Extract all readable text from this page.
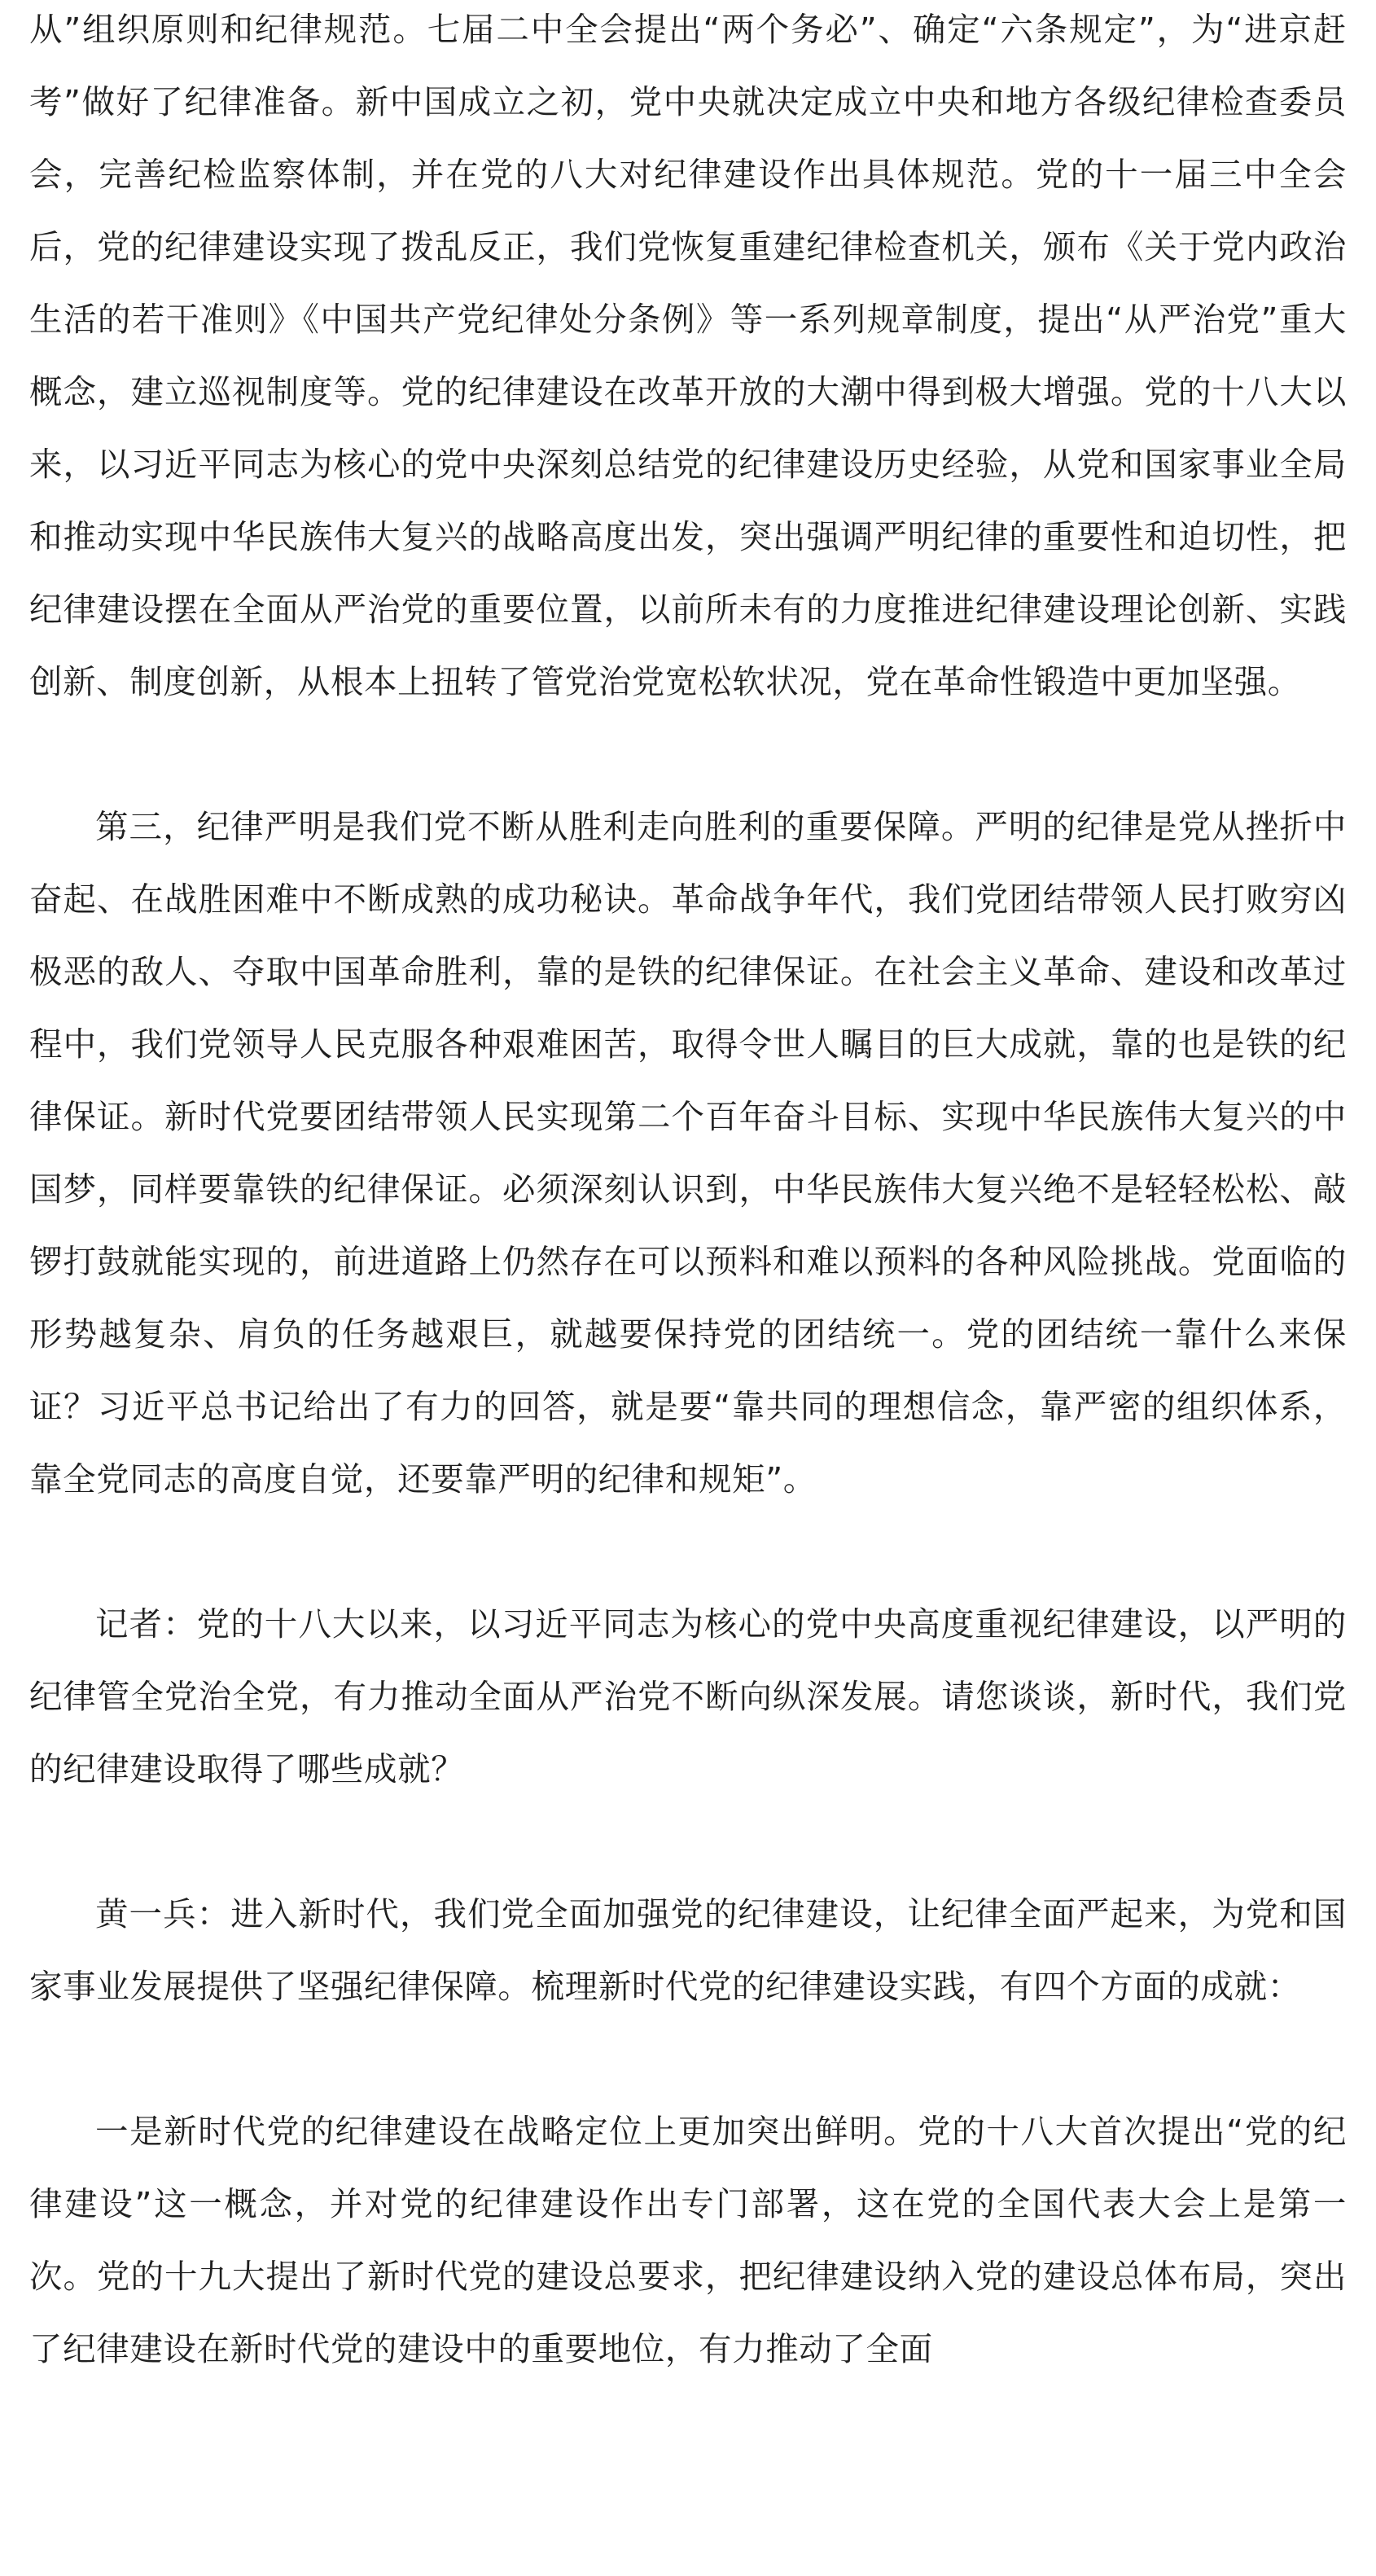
从”组织原则和纪律规范。七届二中全会提出“两个务必”、确定“六条规定”，为“进京赶考”做好了纪律准备。新中国成立之初，党中央就决定成立中央和地方各级纪律检查委员会，完善纪检监察体制，并在党的八大对纪律建设作出具体规范。党的十一届三中全会后，党的纪律建设实现了拨乱反正，我们党恢复重建纪律检查机关，颁布《关于党内政治生活的若干准则》《中国共产党纪律处分条例》等一系列规章制度，提出“从严治党”重大概念，建立巡视制度等。党的纪律建设在改革开放的大潮中得到极大增强。党的十八大以来，以习近平同志为核心的党中央深刻总结党的纪律建设历史经验，从党和国家事业全局和推动实现中华民族伟大复兴的战略高度出发，突出强调严明纪律的重要性和迫切性，把纪律建设摆在全面从严治党的重要位置，以前所未有的力度推进纪律建设理论创新、实践创新、制度创新，从根本上扭转了管党治党宽松软状况，党在革命性锻造中更加坚强。

第三，纪律严明是我们党不断从胜利走向胜利的重要保障。严明的纪律是党从挫折中奋起、在战胜困难中不断成熟的成功秘诀。革命战争年代，我们党团结带领人民打败穷凶极恶的敌人、夺取中国革命胜利，靠的是铁的纪律保证。在社会主义革命、建设和改革过程中，我们党领导人民克服各种艰难困苦，取得令世人瞩目的巨大成就，靠的也是铁的纪律保证。新时代党要团结带领人民实现第二个百年奋斗目标、实现中华民族伟大复兴的中国梦，同样要靠铁的纪律保证。必须深刻认识到，中华民族伟大复兴绝不是轻轻松松、敲锣打鼓就能实现的，前进道路上仍然存在可以预料和难以预料的各种风险挑战。党面临的形势越复杂、肩负的任务越艰巨，就越要保持党的团结统一。党的团结统一靠什么来保证？习近平总书记给出了有力的回答，就是要“靠共同的理想信念，靠严密的组织体系，靠全党同志的高度自觉，还要靠严明的纪律和规矩”。

记者：党的十八大以来，以习近平同志为核心的党中央高度重视纪律建设，以严明的纪律管全党治全党，有力推动全面从严治党不断向纵深发展。请您谈谈，新时代，我们党的纪律建设取得了哪些成就？

黄一兵：进入新时代，我们党全面加强党的纪律建设，让纪律全面严起来，为党和国家事业发展提供了坚强纪律保障。梳理新时代党的纪律建设实践，有四个方面的成就：

一是新时代党的纪律建设在战略定位上更加突出鲜明。党的十八大首次提出“党的纪律建设”这一概念，并对党的纪律建设作出专门部署，这在党的全国代表大会上是第一次。党的十九大提出了新时代党的建设总要求，把纪律建设纳入党的建设总体布局，突出了纪律建设在新时代党的建设中的重要地位，有力推动了全面
